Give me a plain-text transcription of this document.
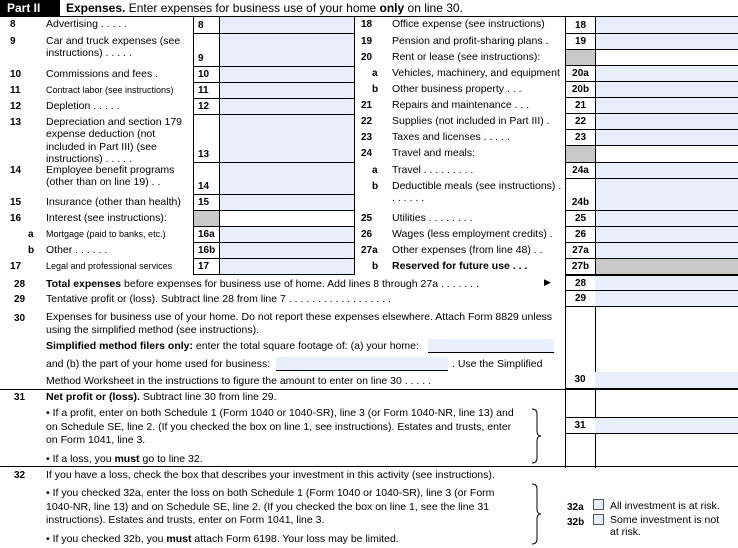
Part II	Expenses. Enter expenses for business use of your home only on line 30.
8	Advertising . . . . .	8
9	Car and truck expenses (see instructions) . . . . .	9
10 Commissions and fees .	10
11	Contract labor (see instructions)	11
12 Depletion . . . . .	12
13 Depreciation and section 179 expense deduction (not included in Part III) (see instructions) . . . . .	13
14 Employee benefit programs (other than on line 19) . .	14
15 Insurance (other than health)	15
16 Interest (see instructions):
a Mortgage (paid to banks, etc.)	16a
b Other . . . . . .	16b
17	Legal and professional services	17
18 Office expense (see instructions)	18
19 Pension and profit-sharing plans .	19
20 Rent or lease (see instructions):
a Vehicles, machinery, and equipment	20a
b Other business property . . .	20b
21 Repairs and maintenance . . .	21
22 Supplies (not included in Part III) .	22
23 Taxes and licenses . . . . .	23
24 Travel and meals:
a Travel . . . . . . . . .	24a
b Deductible meals (see instructions) . . . . . . .	24b
25 Utilities . . . . . . . .	25
26 Wages (less employment credits) .	26
27a Other expenses (from line 48) . .	27a
b Reserved for future use . . .	27b
28 Total expenses before expenses for business use of home. Add lines 8 through 27a . . . . . . .	▶	28
29 Tentative profit or (loss). Subtract line 28 from line 7 . . . . . . . . . . . . . . . . . .	29
30 Expenses for business use of your home. Do not report these expenses elsewhere. Attach Form 8829 unless using the simplified method (see instructions).
Simplified method filers only: enter the total square footage of: (a) your home:
and (b) the part of your home used for business:	. Use the Simplified
Method Worksheet in the instructions to figure the amount to enter on line 30 . . . . .	30
31 Net profit or (loss). Subtract line 30 from line 29.
• If a profit, enter on both Schedule 1 (Form 1040 or 1040-SR), line 3 (or Form 1040-NR, line 13) and on Schedule SE, line 2. (If you checked the box on line 1, see instructions). Estates and trusts, enter on Form 1041, line 3.
• If a loss, you must go to line 32.
31
32 If you have a loss, check the box that describes your investment in this activity (see instructions).
• If you checked 32a, enter the loss on both Schedule 1 (Form 1040 or 1040-SR), line 3 (or Form 1040-NR, line 13) and on Schedule SE, line 2. (If you checked the box on line 1, see the line 31 instructions). Estates and trusts, enter on Form 1041, line 3.
• If you checked 32b, you must attach Form 6198. Your loss may be limited.
32a	All investment is at risk.
32b Some investment is not at risk.
